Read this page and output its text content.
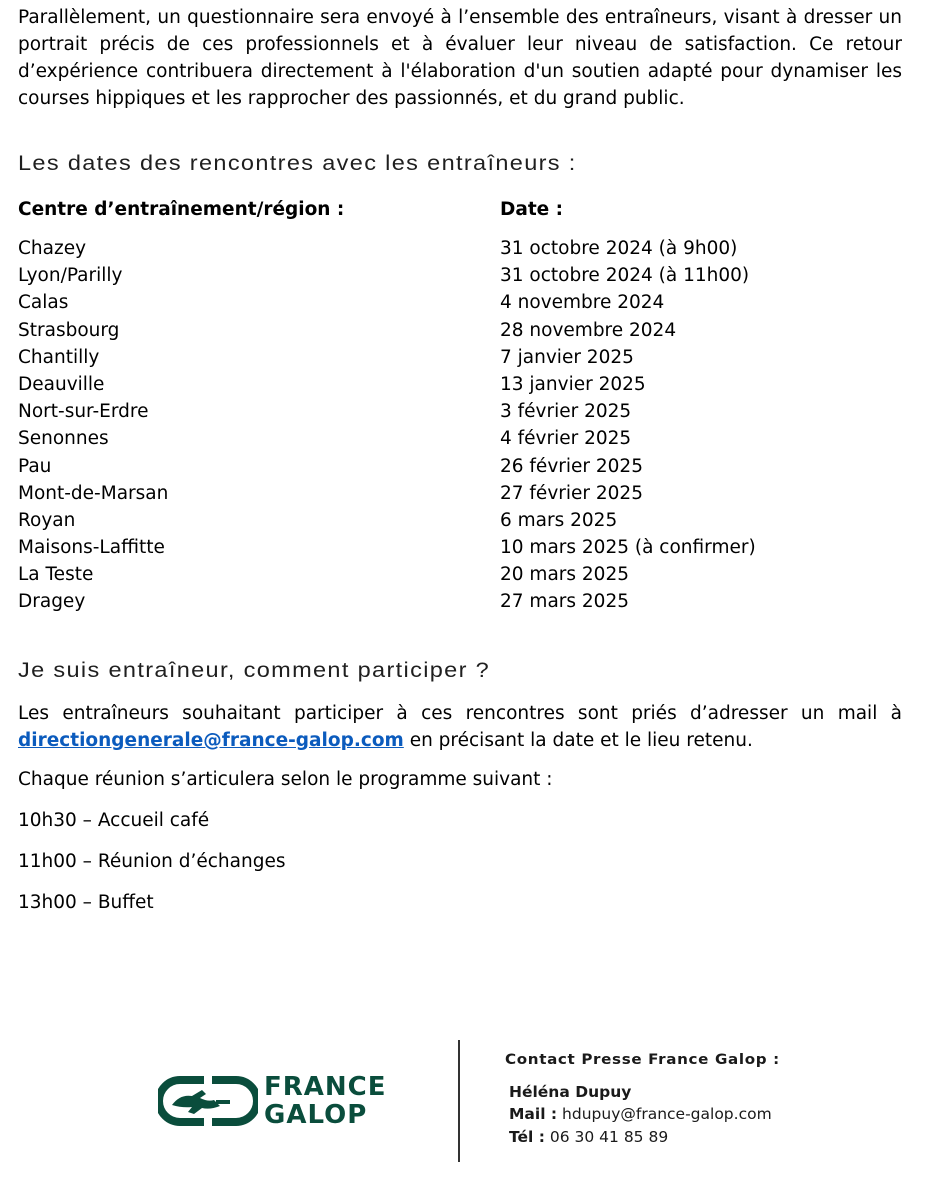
Parallèlement, un questionnaire sera envoyé à l’ensemble des entraîneurs, visant à dresser un portrait précis de ces professionnels et à évaluer leur niveau de satisfaction. Ce retour d’expérience contribuera directement à l'élaboration d'un soutien adapté pour dynamiser les courses hippiques et les rapprocher des passionnés, et du grand public.

Les dates des rencontres avec les entraîneurs :
Centre d’entraînement/région :	Date :
Chazey	31 octobre 2024 (à 9h00)
Lyon/Parilly	31 octobre 2024 (à 11h00)
Calas	4 novembre 2024
Strasbourg	28 novembre 2024
Chantilly	7 janvier 2025
Deauville	13 janvier 2025
Nort-sur-Erdre	3 février 2025
Senonnes	4 février 2025
Pau	26 février 2025
Mont-de-Marsan	27 février 2025
Royan	6 mars 2025
Maisons-Laffitte	10 mars 2025 (à confirmer)
La Teste	20 mars 2025
Dragey	27 mars 2025
Je suis entraîneur, comment participer ?

Les entraîneurs souhaitant participer à ces rencontres sont priés d’adresser un mail à directiongenerale@france-galop.com en précisant la date et le lieu retenu.

Chaque réunion s’articulera selon le programme suivant :

10h30 – Accueil café

11h00 – Réunion d’échanges

13h00 – Buffet

FRANCE
GALOP
Contact Presse France Galop :
Héléna Dupuy
Mail : hdupuy@france-galop.com
Tél : 06 30 41 85 89
